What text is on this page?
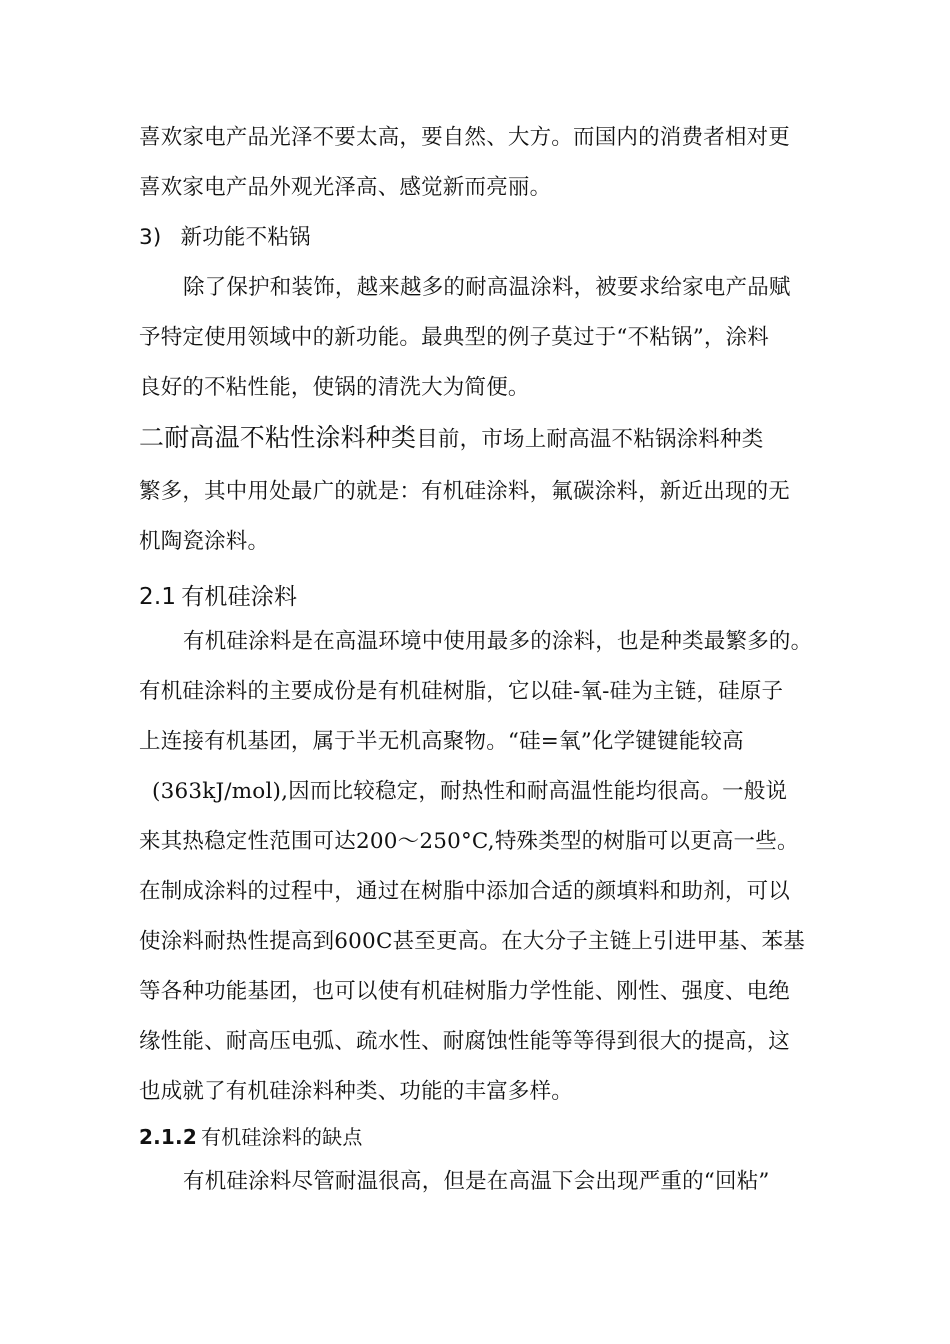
喜欢家电产品光泽不要太高，要自然、大方。而国内的消费者相对更
喜欢家电产品外观光泽高、感觉新而亮丽。
3) 新功能不粘锅
除了保护和装饰，越来越多的耐高温涂料，被要求给家电产品赋
予特定使用领域中的新功能。最典型的例子莫过于“不粘锅”，涂料
良好的不粘性能，使锅的清洗大为简便。
二耐高温不粘性涂料种类目前，市场上耐高温不粘锅涂料种类
繁多，其中用处最广的就是：有机硅涂料，氟碳涂料，新近出现的无
机陶瓷涂料。
2.1 有机硅涂料
有机硅涂料是在高温环境中使用最多的涂料，也是种类最繁多的。
有机硅涂料的主要成份是有机硅树脂，它以硅-氧-硅为主链，硅原子
上连接有机基团，属于半无机高聚物。“硅=氧”化学键键能较高
(363kJ/mol),因而比较稳定，耐热性和耐高温性能均很高。一般说
来其热稳定性范围可达200～250°C,特殊类型的树脂可以更高一些。
在制成涂料的过程中，通过在树脂中添加合适的颜填料和助剂，可以
使涂料耐热性提高到600C甚至更高。在大分子主链上引进甲基、苯基
等各种功能基团，也可以使有机硅树脂力学性能、刚性、强度、电绝
缘性能、耐高压电弧、疏水性、耐腐蚀性能等等得到很大的提高，这
也成就了有机硅涂料种类、功能的丰富多样。
2.1.2 有机硅涂料的缺点
有机硅涂料尽管耐温很高，但是在高温下会出现严重的“回粘”
